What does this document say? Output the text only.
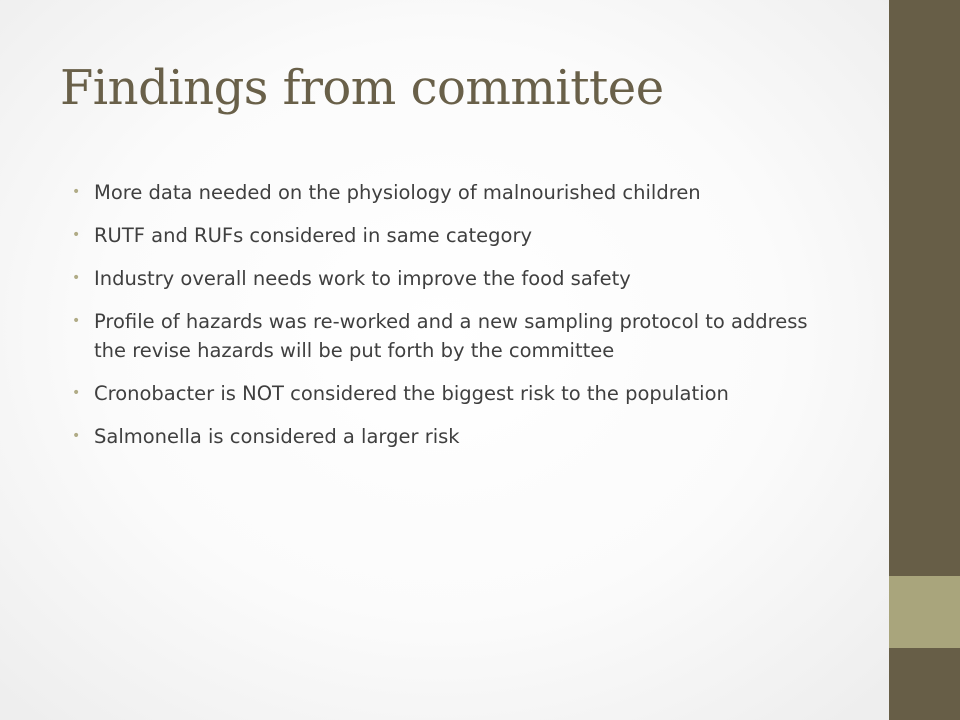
Findings from committee
• More data needed on the physiology of malnourished children
• RUTF and RUFs considered in same category
• Industry overall needs work to improve the food safety
• Profile of hazards was re-worked and a new sampling protocol to address the revise hazards will be put forth by the committee
• Cronobacter is NOT considered the biggest risk to the population
• Salmonella is considered a larger risk
